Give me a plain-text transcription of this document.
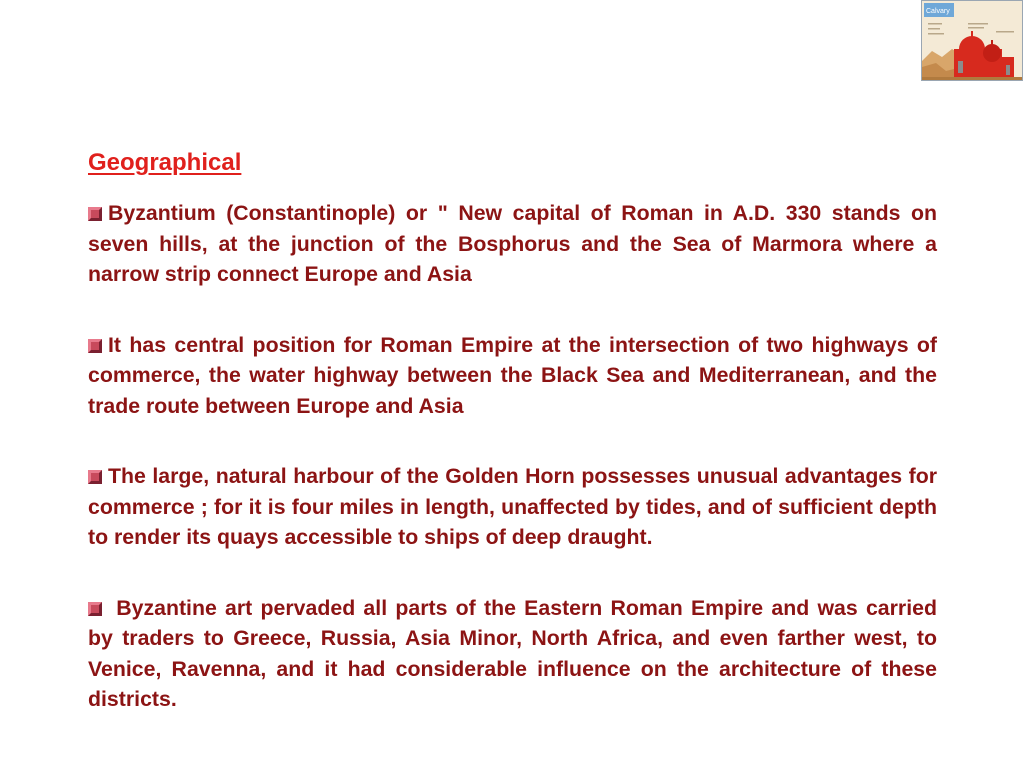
Calvary
Geographical
Byzantium (Constantinople) or " New capital of Roman in A.D. 330 stands on seven hills, at the junction of the Bosphorus and the Sea of Marmora where a narrow strip connect Europe and Asia
It has central position for Roman Empire at the intersection of two highways of commerce, the water highway between the Black Sea and Mediterranean, and the trade route between Europe and Asia
The large, natural harbour of the Golden Horn possesses unusual advantages for commerce ; for it is four miles in length, unaffected by tides, and of sufficient depth to render its quays accessible to ships of deep draught.
Byzantine art pervaded all parts of the Eastern Roman Empire and was carried by traders to Greece, Russia, Asia Minor, North Africa, and even farther west, to Venice, Ravenna, and it had considerable influence on the architecture of these districts.
